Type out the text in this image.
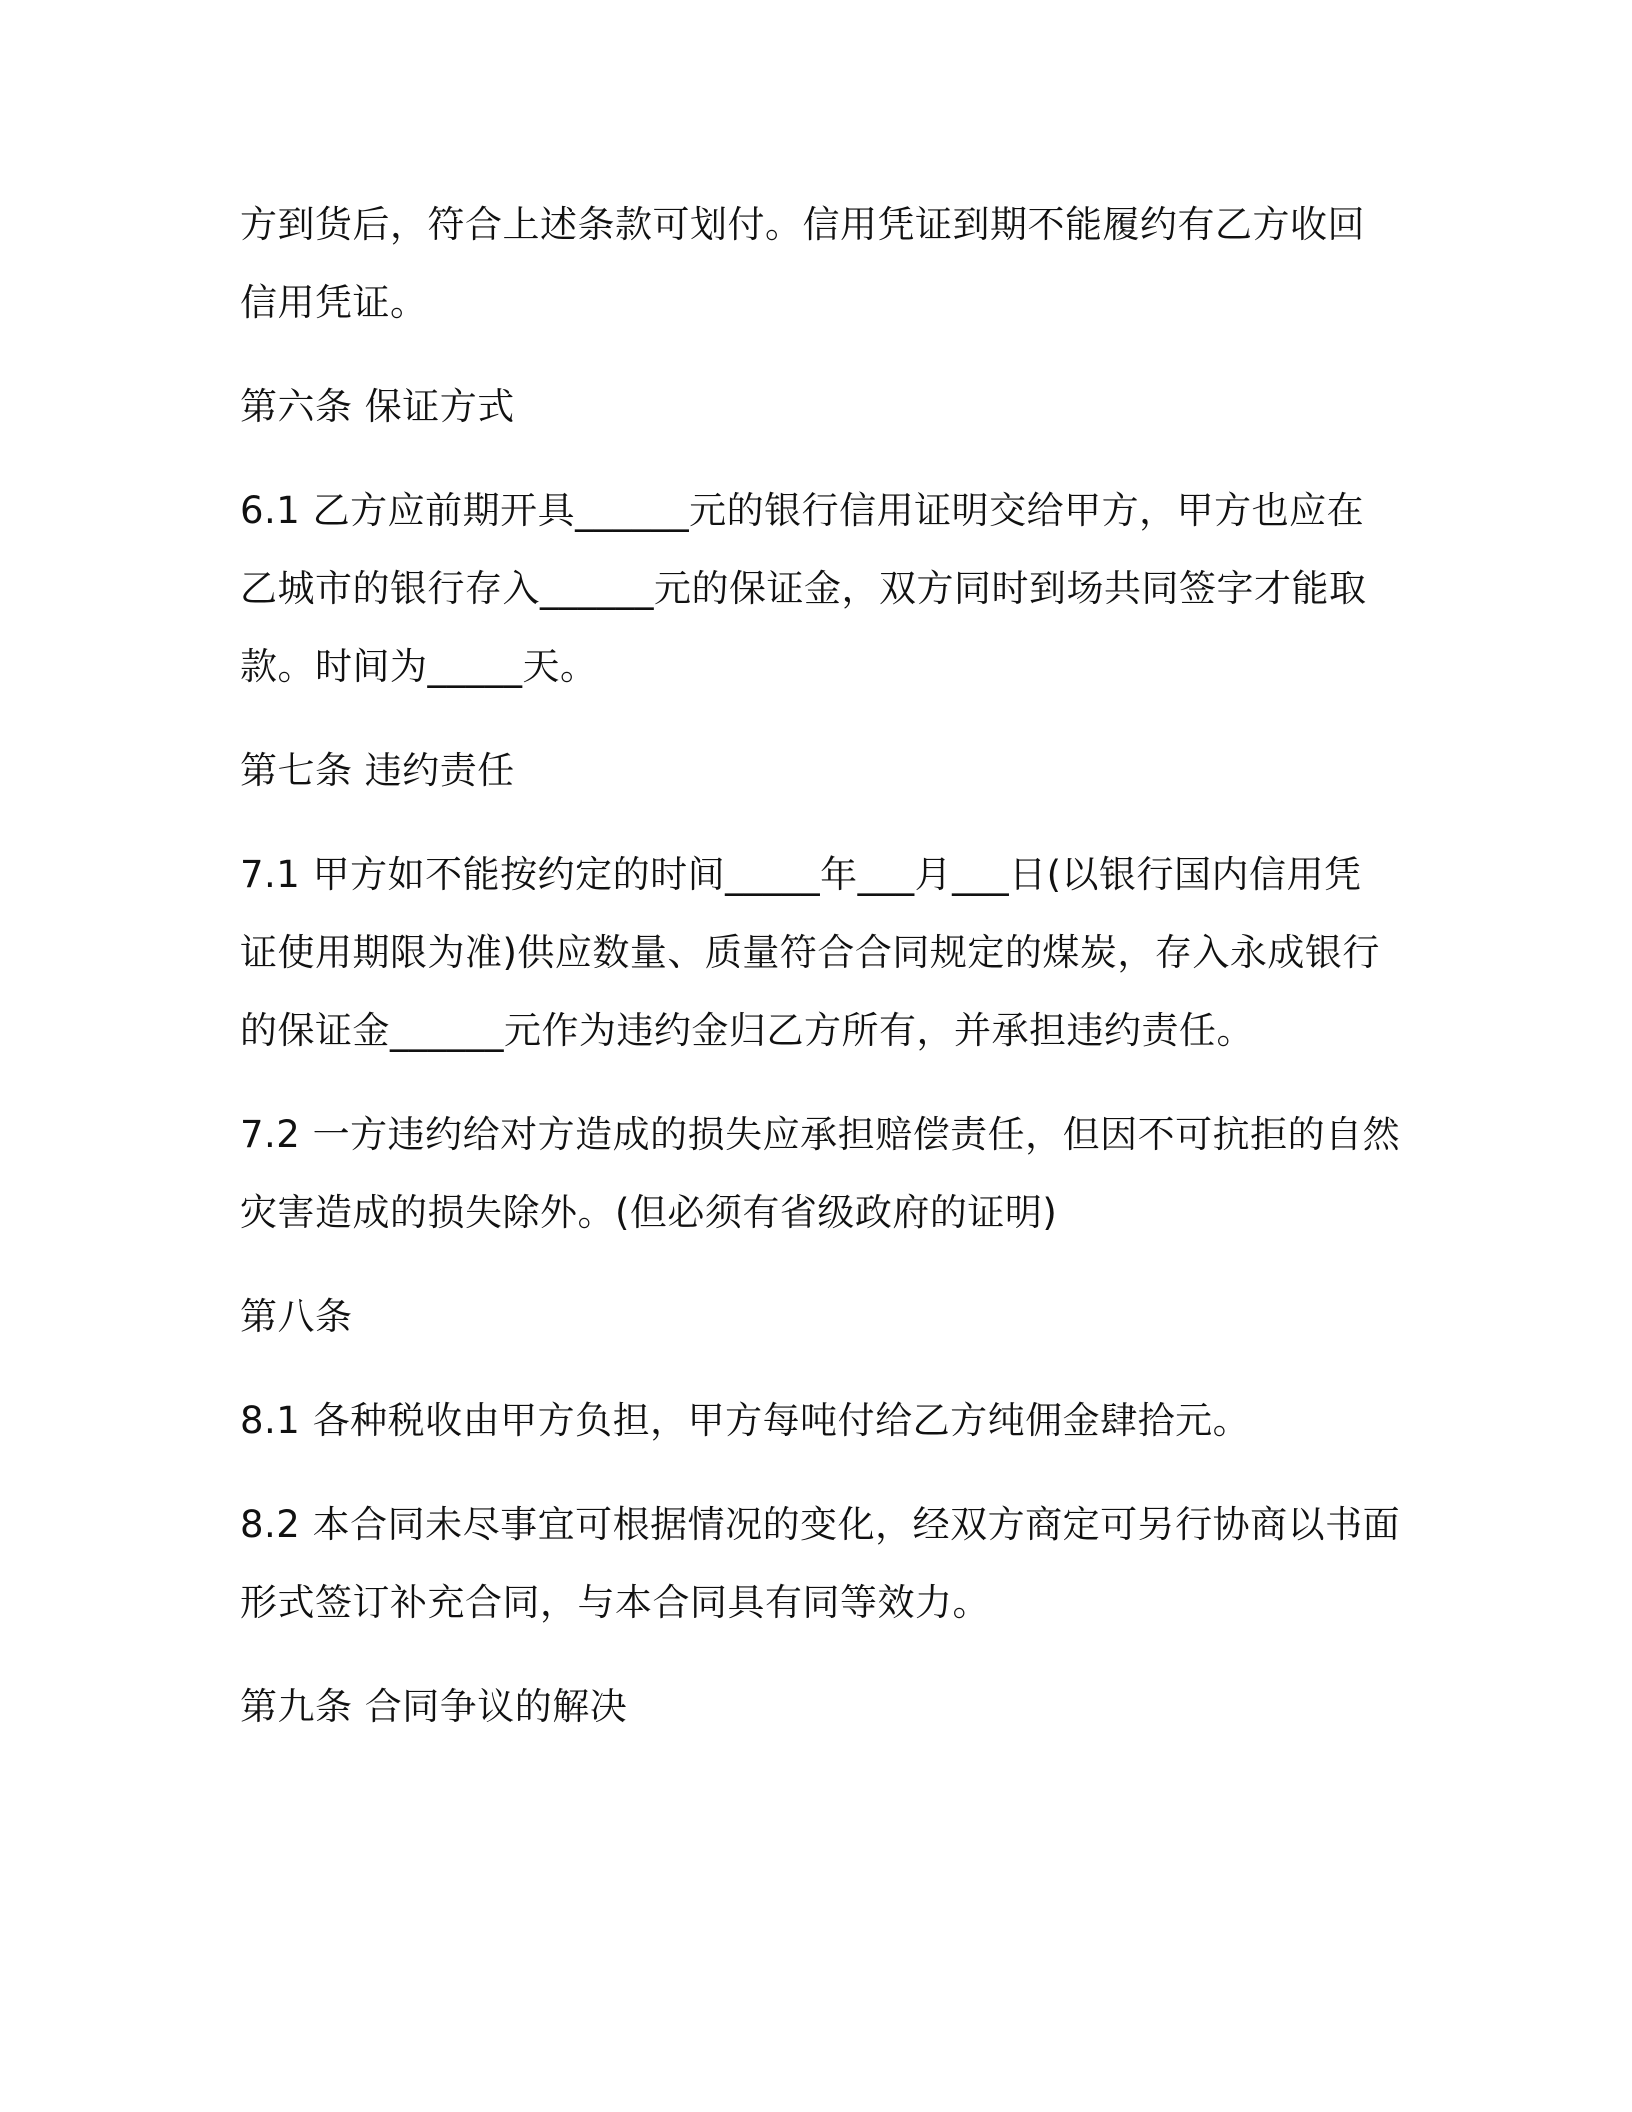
方到货后，符合上述条款可划付。信用凭证到期不能履约有乙方收回
信用凭证。

第六条 保证方式

6.1 乙方应前期开具______元的银行信用证明交给甲方，甲方也应在
乙城市的银行存入______元的保证金，双方同时到场共同签字才能取
款。时间为_____天。

第七条 违约责任

7.1 甲方如不能按约定的时间_____年___月___日(以银行国内信用凭
证使用期限为准)供应数量、质量符合合同规定的煤炭，存入永成银行
的保证金______元作为违约金归乙方所有，并承担违约责任。

7.2 一方违约给对方造成的损失应承担赔偿责任，但因不可抗拒的自然
灾害造成的损失除外。(但必须有省级政府的证明)

第八条

8.1 各种税收由甲方负担，甲方每吨付给乙方纯佣金肆拾元。

8.2 本合同未尽事宜可根据情况的变化，经双方商定可另行协商以书面
形式签订补充合同，与本合同具有同等效力。

第九条 合同争议的解决
